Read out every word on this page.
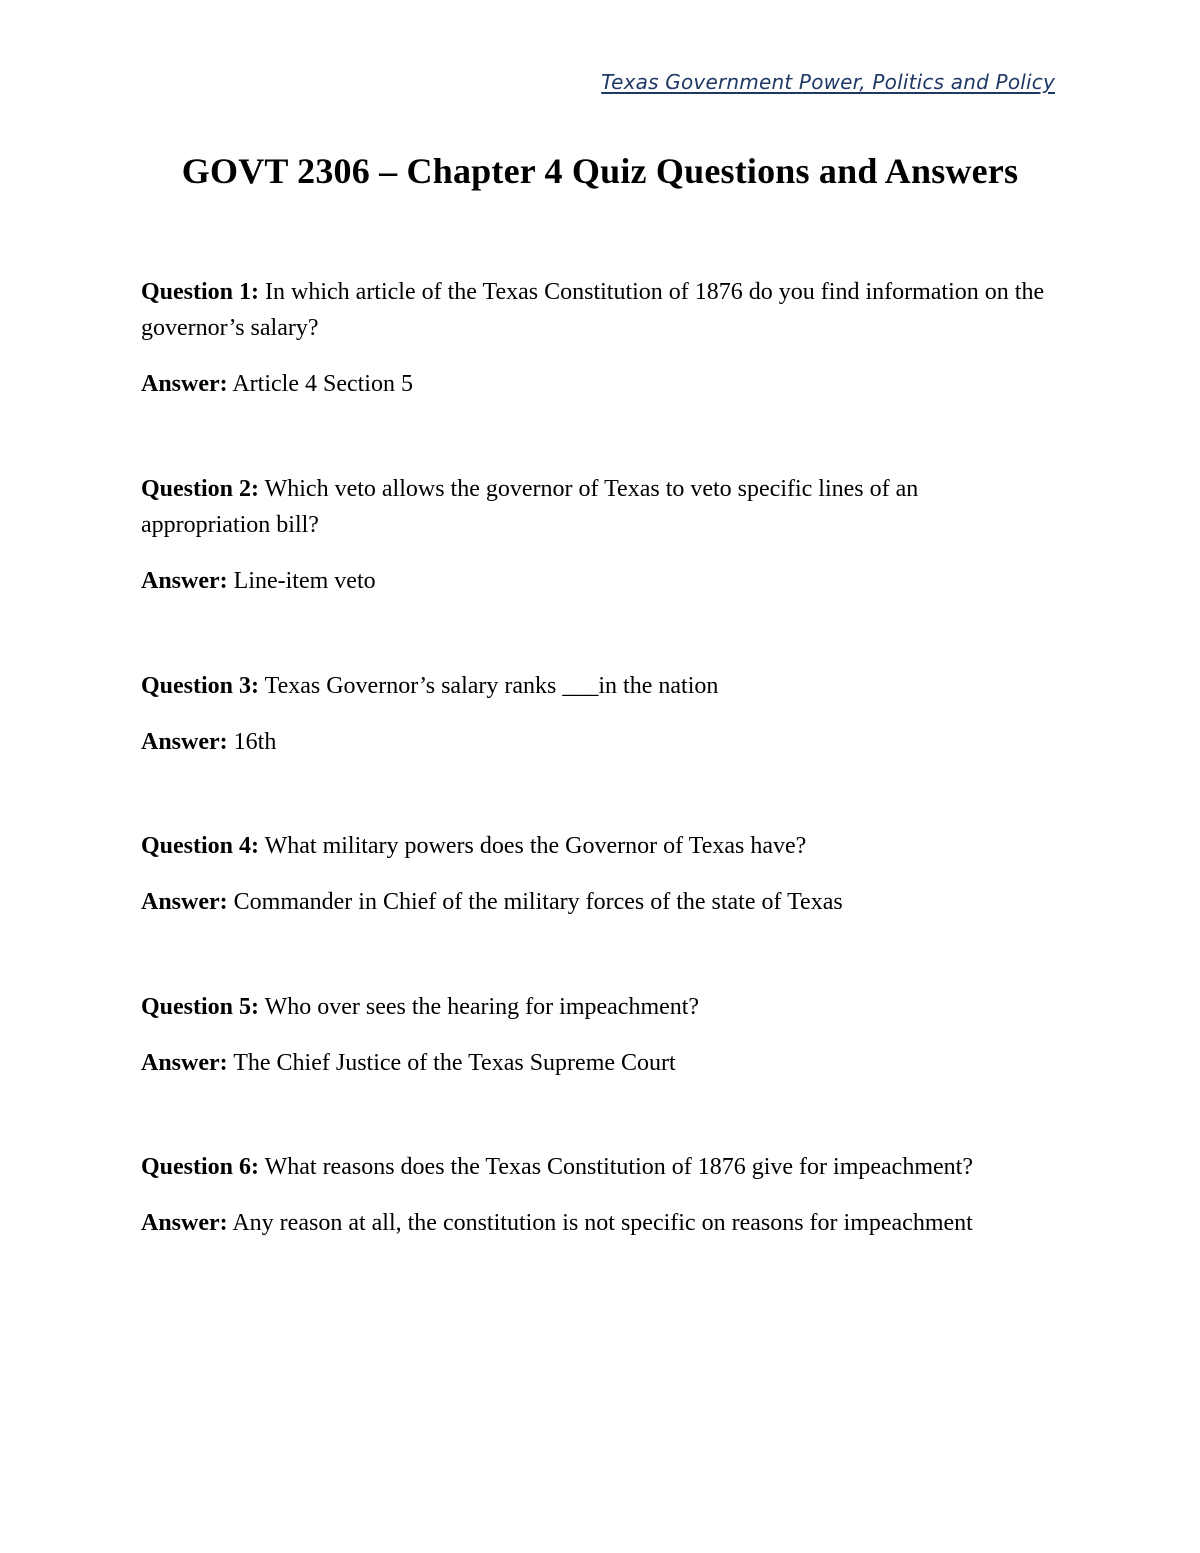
Texas Government Power, Politics and Policy
GOVT 2306 – Chapter 4 Quiz Questions and Answers

Question 1: In which article of the Texas Constitution of 1876 do you find information on the governor’s salary?

Answer: Article 4 Section 5

Question 2: Which veto allows the governor of Texas to veto specific lines of an appropriation bill?

Answer: Line-item veto

Question 3: Texas Governor’s salary ranks ___in the nation

Answer: 16th

Question 4: What military powers does the Governor of Texas have?

Answer: Commander in Chief of the military forces of the state of Texas

Question 5: Who over sees the hearing for impeachment?

Answer: The Chief Justice of the Texas Supreme Court

Question 6: What reasons does the Texas Constitution of 1876 give for impeachment?

Answer: Any reason at all, the constitution is not specific on reasons for impeachment
